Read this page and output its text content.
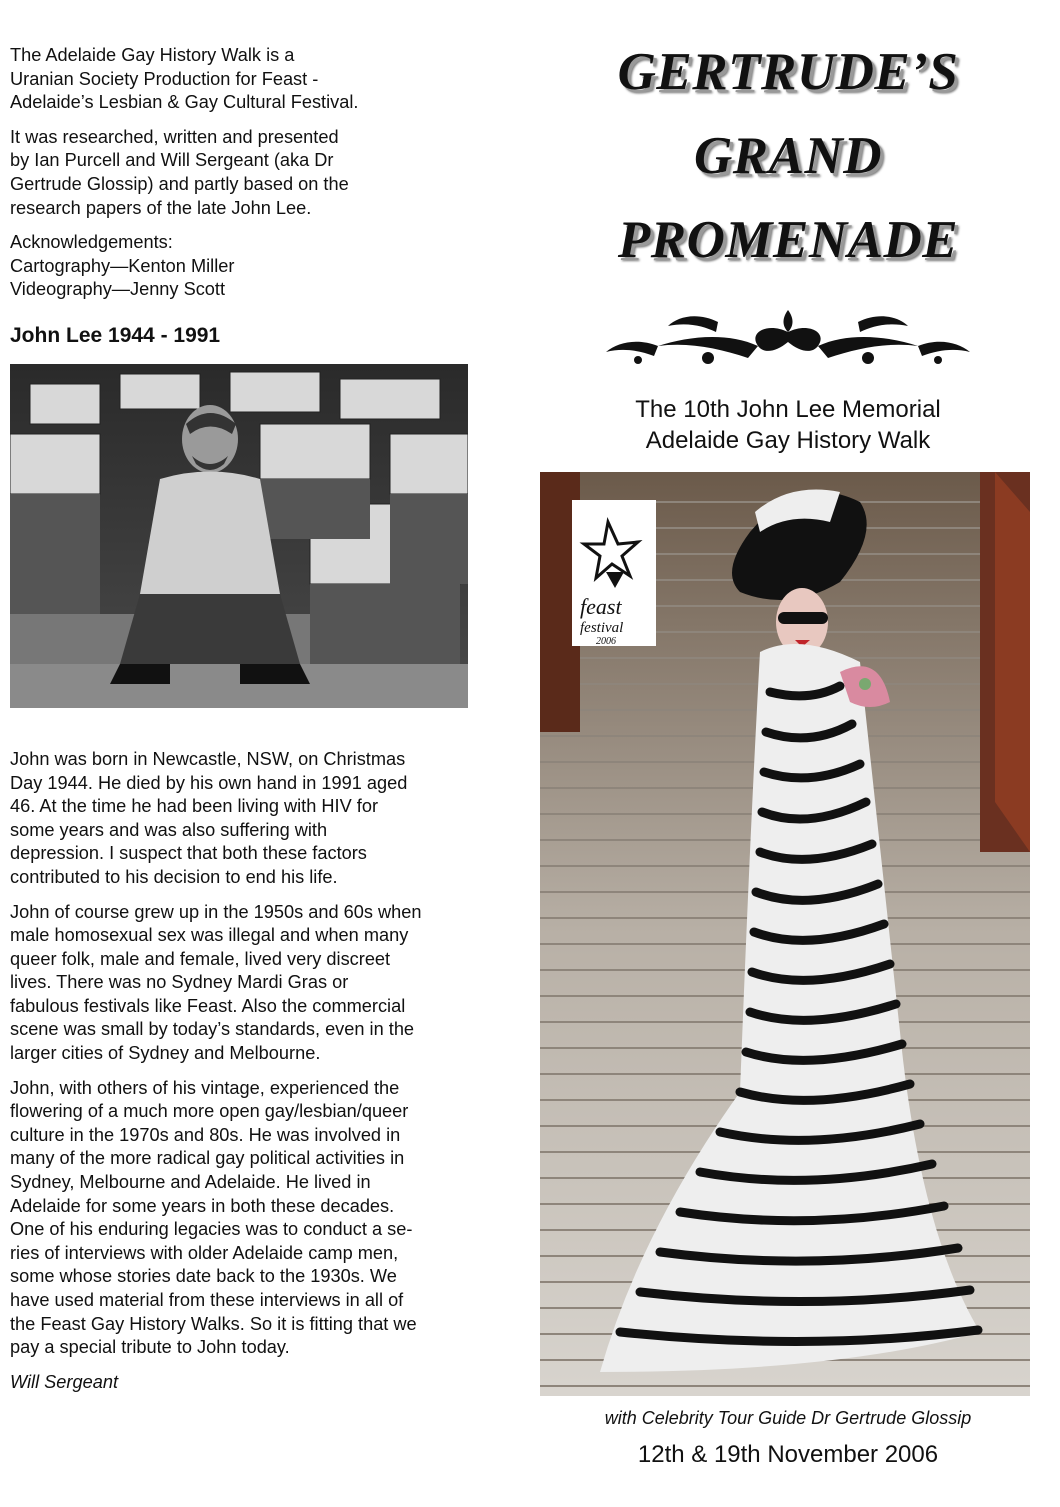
The Adelaide Gay History Walk is a
Uranian Society Production for Feast -
Adelaide’s Lesbian & Gay Cultural Festival.
It was researched, written and presented
by Ian Purcell and Will Sergeant (aka Dr
Gertrude Glossip) and partly based on the
research papers of the late John Lee.
Acknowledgements:
Cartography—Kenton Miller
Videography—Jenny Scott
John Lee 1944 - 1991
John was born in Newcastle, NSW, on Christmas
Day 1944. He died by his own hand in 1991 aged
46. At the time he had been living with HIV for
some years and was also suffering with
depression. I suspect that both these factors
contributed to his decision to end his life.
John of course grew up in the 1950s and 60s when
male homosexual sex was illegal and when many
queer folk, male and female, lived very discreet
lives. There was no Sydney Mardi Gras or
fabulous festivals like Feast. Also the commercial
scene was small by today’s standards, even in the
larger cities of Sydney and Melbourne.
John, with others of his vintage, experienced the
flowering of a much more open gay/lesbian/queer
culture in the 1970s and 80s. He was involved in
many of the more radical gay political activities in
Sydney, Melbourne and Adelaide. He lived in
Adelaide for some years in both these decades.
One of his enduring legacies was to conduct a se-
ries of interviews with older Adelaide camp men,
some whose stories date back to the 1930s. We
have used material from these interviews in all of
the Feast Gay History Walks. So it is fitting that we
pay a special tribute to John today.
Will Sergeant
GERTRUDE’S
GRAND
PROMENADE
The 10th John Lee Memorial
Adelaide Gay History Walk
feast
festival
2006
with Celebrity Tour Guide Dr Gertrude Glossip
12th & 19th November 2006
